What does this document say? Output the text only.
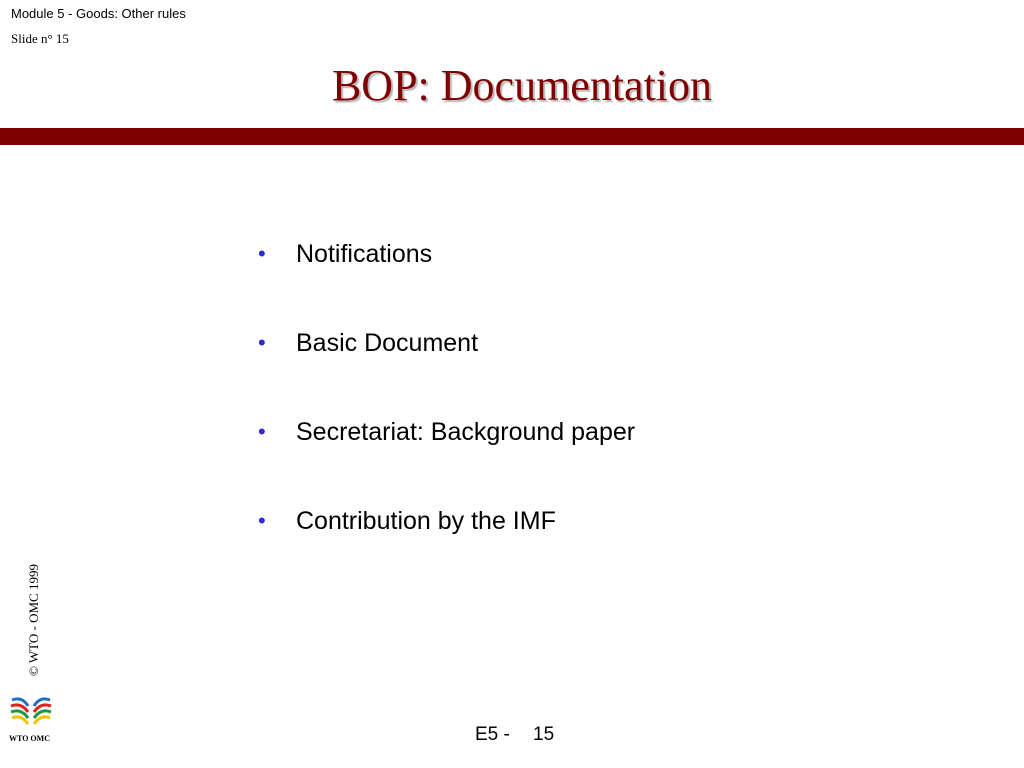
Module 5 - Goods: Other rules
Slide n° 15
BOP: Documentation
• Notifications
• Basic Document
• Secretariat: Background paper
• Contribution by the IMF
© WTO - OMC 1999
WTO OMC	E5 - 15
